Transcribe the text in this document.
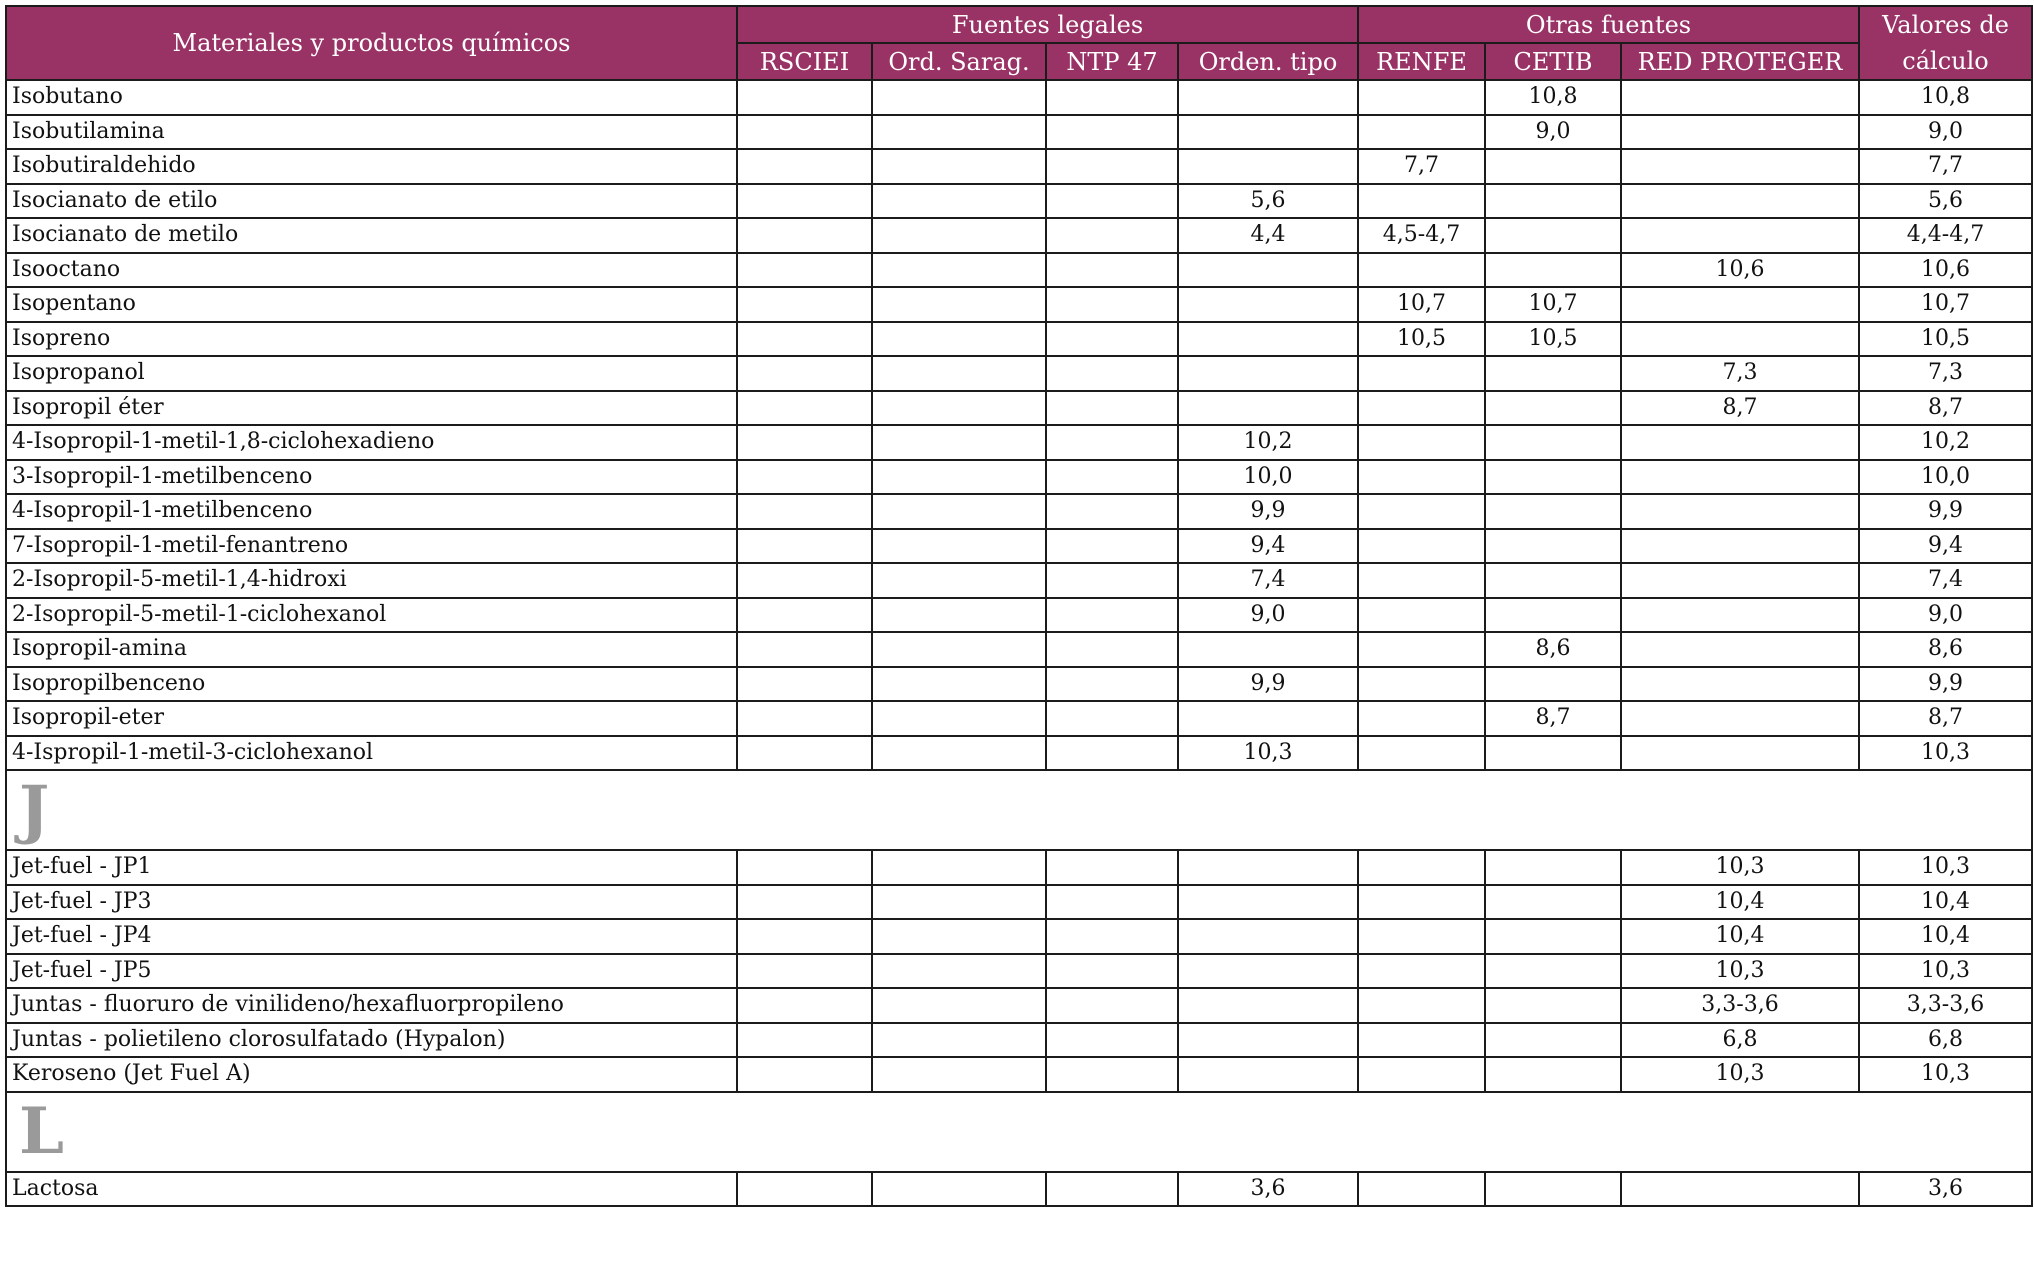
Materiales y productos químicos	Fuentes legales				Otras fuentes			Valores de cálculo
	RSCIEI	Ord. Sarag.	NTP 47	Orden. tipo	RENFE	CETIB	RED PROTEGER	
Isobutano						10,8		10,8
Isobutilamina						9,0		9,0
Isobutiraldehido					7,7			7,7
Isocianato de etilo				5,6				5,6
Isocianato de metilo				4,4	4,5-4,7			4,4-4,7
Isooctano							10,6	10,6
Isopentano					10,7	10,7		10,7
Isopreno					10,5	10,5		10,5
Isopropanol							7,3	7,3
Isopropil éter							8,7	8,7
4-Isopropil-1-metil-1,8-ciclohexadieno				10,2				10,2
3-Isopropil-1-metilbenceno				10,0				10,0
4-Isopropil-1-metilbenceno				9,9				9,9
7-Isopropil-1-metil-fenantreno				9,4				9,4
2-Isopropil-5-metil-1,4-hidroxi				7,4				7,4
2-Isopropil-5-metil-1-ciclohexanol				9,0				9,0
Isopropil-amina						8,6		8,6
Isopropilbenceno				9,9				9,9
Isopropil-eter						8,7		8,7
4-Ispropil-1-metil-3-ciclohexanol				10,3				10,3
J								
Jet-fuel - JP1							10,3	10,3
Jet-fuel - JP3							10,4	10,4
Jet-fuel - JP4							10,4	10,4
Jet-fuel - JP5							10,3	10,3
Juntas - fluoruro de vinilideno/hexafluorpropileno							3,3-3,6	3,3-3,6
Juntas - polietileno clorosulfatado (Hypalon)							6,8	6,8
Keroseno (Jet Fuel A)							10,3	10,3
L								
Lactosa				3,6				3,6
